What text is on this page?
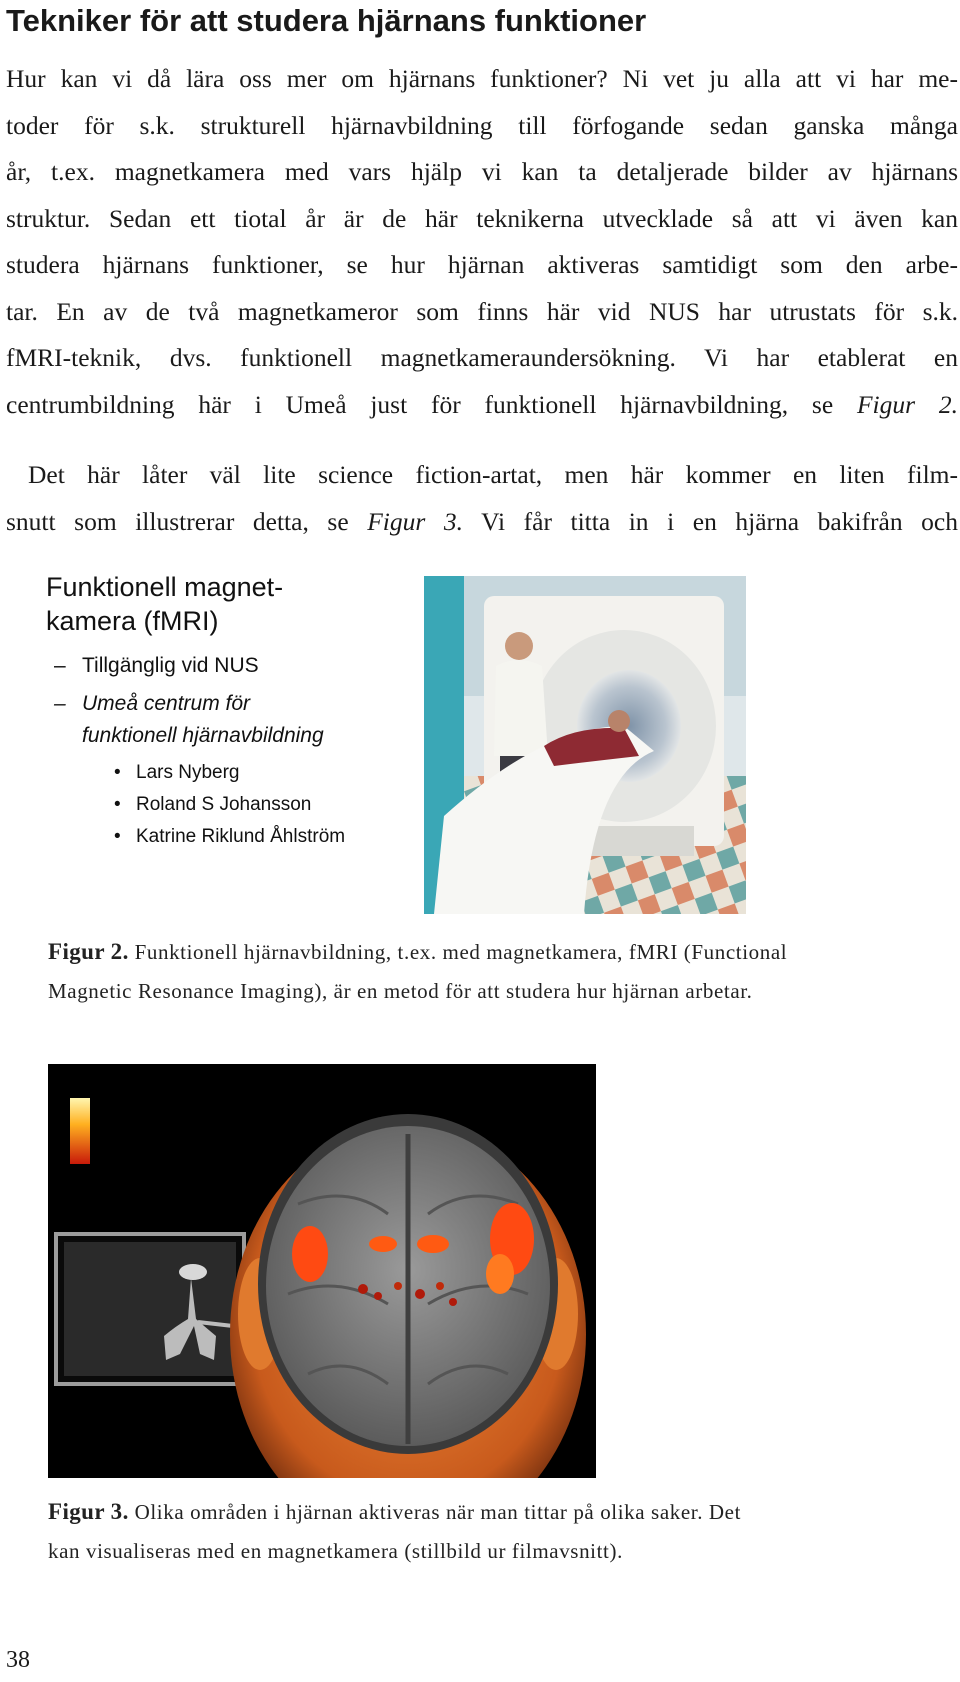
Tekniker för att studera hjärnans funktioner
Hur kan vi då lära oss mer om hjärnans funktioner? Ni vet ju alla att vi har me-
toder för s.k. strukturell hjärnavbildning till förfogande sedan ganska många
år, t.ex. magnetkamera med vars hjälp vi kan ta detaljerade bilder av hjärnans
struktur. Sedan ett tiotal år är de här teknikerna utvecklade så att vi även kan
studera hjärnans funktioner, se hur hjärnan aktiveras samtidigt som den arbe-
tar. En av de två magnetkameror som finns här vid NUS har utrustats för s.k.
fMRI-teknik, dvs. funktionell magnetkameraundersökning. Vi har etablerat en
centrumbildning här i Umeå just för funktionell hjärnavbildning, se Figur 2.
Det här låter väl lite science fiction-artat, men här kommer en liten film-
snutt som illustrerar detta, se Figur 3. Vi får titta in i en hjärna bakifrån och
Funktionell magnet-
kamera (fMRI)
– Tillgänglig vid NUS
– Umeå centrum för
funktionell hjärnavbildning
• Lars Nyberg
• Roland S Johansson
• Katrine Riklund Åhlström

Figur 2. Funktionell hjärnavbildning, t.ex. med magnetkamera, fMRI (Functional
Magnetic Resonance Imaging), är en metod för att studera hur hjärnan arbetar.

Figur 3. Olika områden i hjärnan aktiveras när man tittar på olika saker. Det
kan visualiseras med en magnetkamera (stillbild ur filmavsnitt).

38
